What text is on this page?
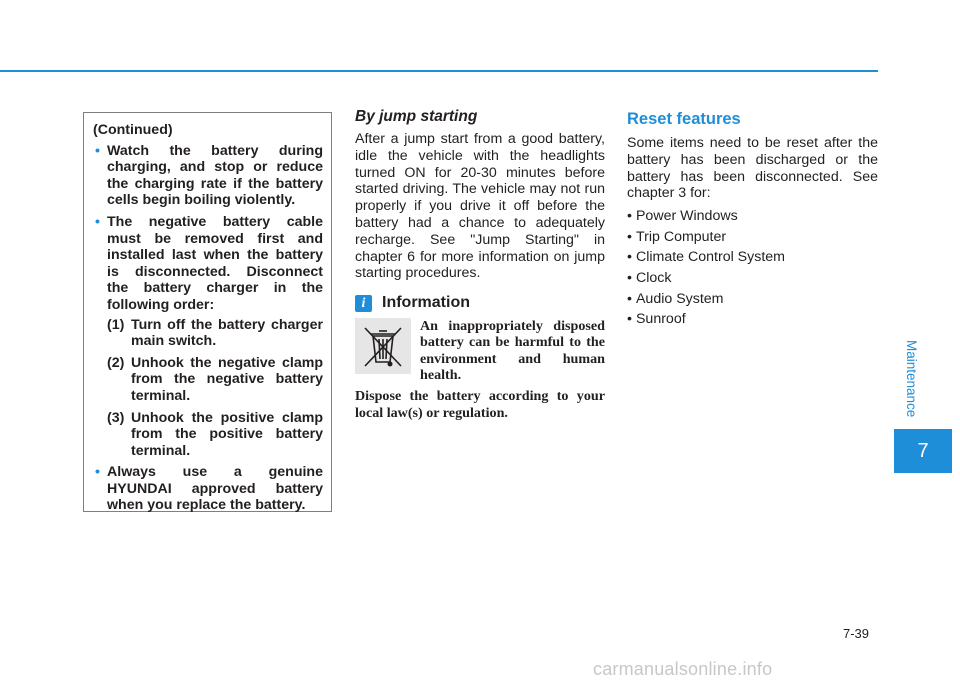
(Continued)
• Watch the battery during charging, and stop or reduce the charging rate if the battery cells begin boiling violently.
• The negative battery cable must be removed first and installed last when the battery is disconnected. Disconnect the battery charger in the following order:
(1) Turn off the battery charger main switch.
(2) Unhook the negative clamp from the negative battery terminal.
(3) Unhook the positive clamp from the positive battery terminal.
• Always use a genuine HYUNDAI approved battery when you replace the battery.
By jump starting

After a jump start from a good battery, idle the vehicle with the headlights turned ON for 20-30 minutes before started driving. The vehicle may not run properly if you drive it off before the battery had a chance to adequately recharge. See "Jump Starting" in chapter 6 for more information on jump starting procedures.

i	Information
An inappropriately disposed battery can be harmful to the environment and human health.
Dispose the battery according to your local law(s) or regulation.
Reset features

Some items need to be reset after the battery has been discharged or the battery has been disconnected. See chapter 3 for:

• Power Windows
• Trip Computer
• Climate Control System
• Clock
• Audio System
• Sunroof
Maintenance
7
7-39
carmanualsonline.info
